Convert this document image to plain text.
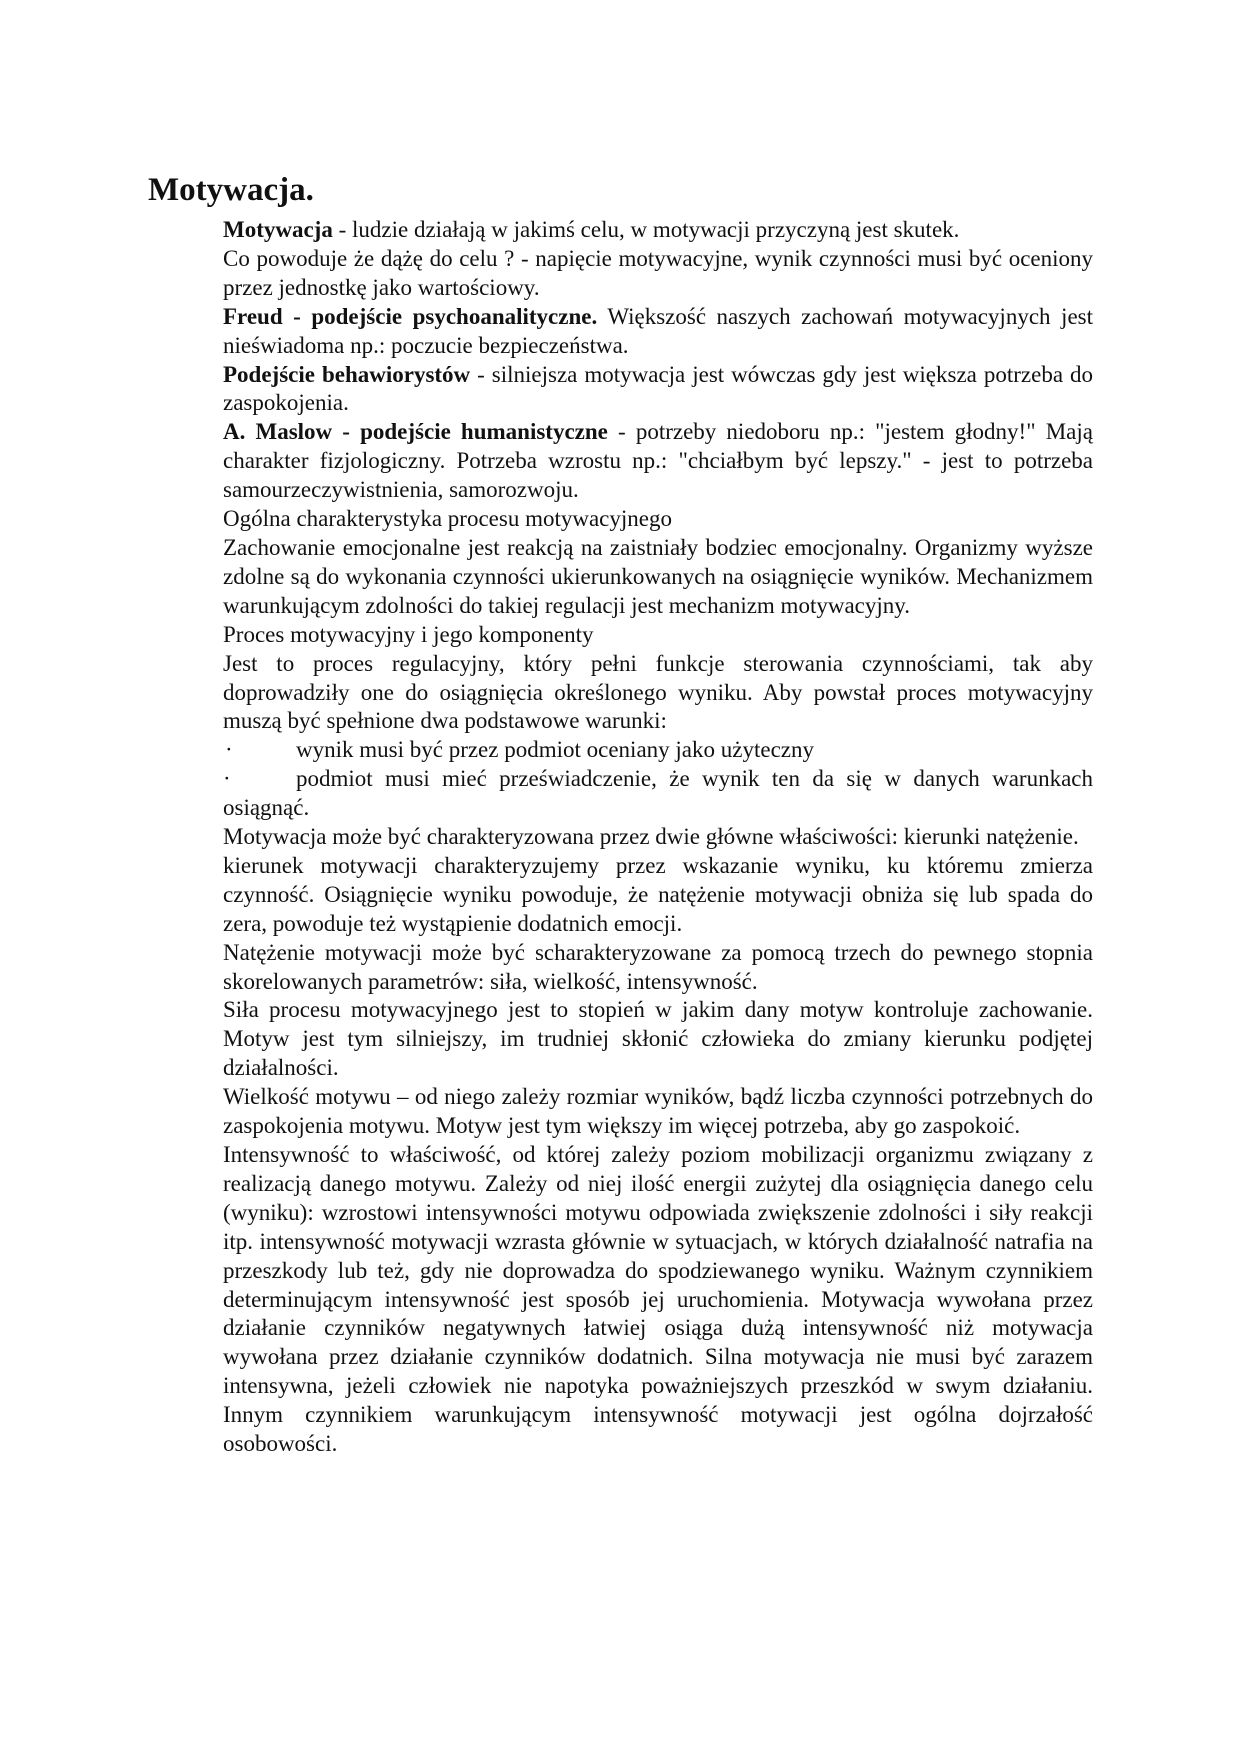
Motywacja.

Motywacja - ludzie działają w jakimś celu, w motywacji przyczyną jest skutek.

Co powoduje że dążę do celu ? - napięcie motywacyjne, wynik czynności musi być oceniony przez jednostkę jako wartościowy.

Freud - podejście psychoanalityczne. Większość naszych zachowań motywacyjnych jest nieświadoma np.: poczucie bezpieczeństwa.

Podejście behawiorystów - silniejsza motywacja jest wówczas gdy jest większa potrzeba do zaspokojenia.

A. Maslow - podejście humanistyczne - potrzeby niedoboru np.: "jestem głodny!" Mają charakter fizjologiczny. Potrzeba wzrostu np.: "chciałbym być lepszy." - jest to potrzeba samourzeczywistnienia, samorozwoju.

Ogólna charakterystyka procesu motywacyjnego

Zachowanie emocjonalne jest reakcją na zaistniały bodziec emocjonalny. Organizmy wyższe zdolne są do wykonania czynności ukierunkowanych na osiągnięcie wyników. Mechanizmem warunkującym zdolności do takiej regulacji jest mechanizm motywacyjny.

Proces motywacyjny i jego komponenty

Jest to proces regulacyjny, który pełni funkcje sterowania czynnościami, tak aby doprowadziły one do osiągnięcia określonego wyniku. Aby powstał proces motywacyjny muszą być spełnione dwa podstawowe warunki:

·	wynik musi być przez podmiot oceniany jako użyteczny

·	podmiot musi mieć przeświadczenie, że wynik ten da się w danych warunkach osiągnąć.

Motywacja może być charakteryzowana przez dwie główne właściwości: kierunki natężenie.

kierunek motywacji charakteryzujemy przez wskazanie wyniku, ku któremu zmierza czynność. Osiągnięcie wyniku powoduje, że natężenie motywacji obniża się lub spada do zera, powoduje też wystąpienie dodatnich emocji.

Natężenie motywacji może być scharakteryzowane za pomocą trzech do pewnego stopnia skorelowanych parametrów: siła, wielkość, intensywność.

Siła procesu motywacyjnego jest to stopień w jakim dany motyw kontroluje zachowanie. Motyw jest tym silniejszy, im trudniej skłonić człowieka do zmiany kierunku podjętej działalności.

Wielkość motywu – od niego zależy rozmiar wyników, bądź liczba czynności potrzebnych do zaspokojenia motywu. Motyw jest tym większy im więcej potrzeba, aby go zaspokoić.

Intensywność to właściwość, od której zależy poziom mobilizacji organizmu związany z realizacją danego motywu. Zależy od niej ilość energii zużytej dla osiągnięcia danego celu (wyniku): wzrostowi intensywności motywu odpowiada zwiększenie zdolności i siły reakcji itp. intensywność motywacji wzrasta głównie w sytuacjach, w których działalność natrafia na przeszkody lub też, gdy nie doprowadza do spodziewanego wyniku. Ważnym czynnikiem determinującym intensywność jest sposób jej uruchomienia. Motywacja wywołana przez działanie czynników negatywnych łatwiej osiąga dużą intensywność niż motywacja wywołana przez działanie czynników dodatnich. Silna motywacja nie musi być zarazem intensywna, jeżeli człowiek nie napotyka poważniejszych przeszkód w swym działaniu. Innym czynnikiem warunkującym intensywność motywacji jest ogólna dojrzałość osobowości.
